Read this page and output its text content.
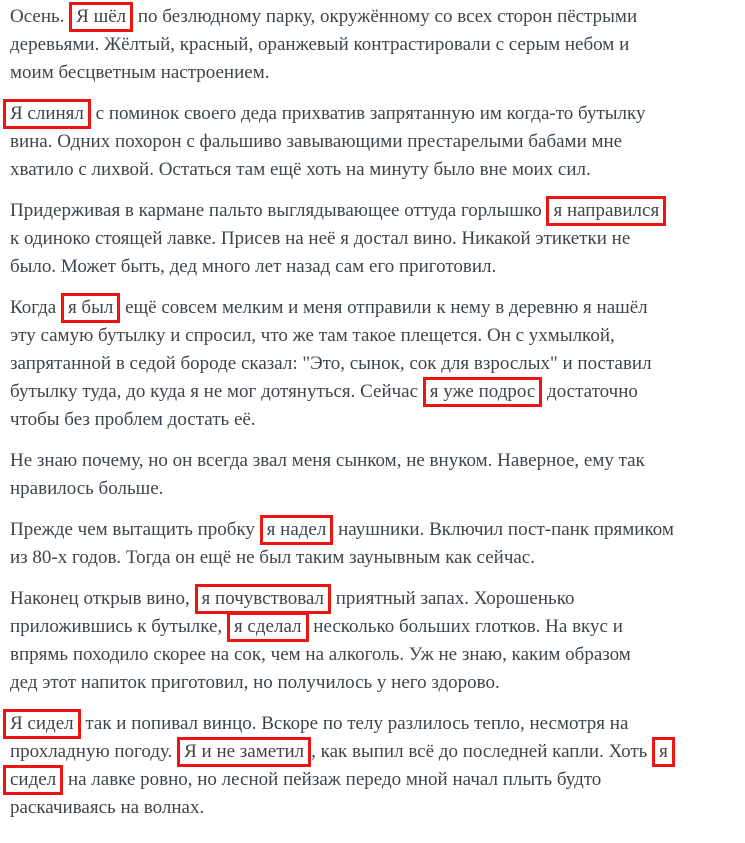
Осень. Я шёл по безлюдному парку, окружённому со всех сторон пёстрыми
деревьями. Жёлтый, красный, оранжевый контрастировали с серым небом и
моим бесцветным настроением.
Я слинял с поминок своего деда прихватив запрятанную им когда-то бутылку
вина. Одних похорон с фальшиво завывающими престарелыми бабами мне
хватило с лихвой. Остаться там ещё хоть на минуту было вне моих сил.
Придерживая в кармане пальто выглядывающее оттуда горлышко я направился
к одиноко стоящей лавке. Присев на неё я достал вино. Никакой этикетки не
было. Может быть, дед много лет назад сам его приготовил.
Когда я был ещё совсем мелким и меня отправили к нему в деревню я нашёл
эту самую бутылку и спросил, что же там такое плещется. Он с ухмылкой,
запрятанной в седой бороде сказал: "Это, сынок, сок для взрослых" и поставил
бутылку туда, до куда я не мог дотянуться. Сейчас я уже подрос достаточно
чтобы без проблем достать её.
Не знаю почему, но он всегда звал меня сынком, не внуком. Наверное, ему так
нравилось больше.
Прежде чем вытащить пробку я надел наушники. Включил пост-панк прямиком
из 80-х годов. Тогда он ещё не был таким заунывным как сейчас.
Наконец открыв вино, я почувствовал приятный запах. Хорошенько
приложившись к бутылке, я сделал несколько больших глотков. На вкус и
впрямь походило скорее на сок, чем на алкоголь. Уж не знаю, каким образом
дед этот напиток приготовил, но получилось у него здорово.
Я сидел так и попивал винцо. Вскоре по телу разлилось тепло, несмотря на
прохладную погоду. Я и не заметил , как выпил всё до последней капли. Хоть я
сидел на лавке ровно, но лесной пейзаж передо мной начал плыть будто
раскачиваясь на волнах.
